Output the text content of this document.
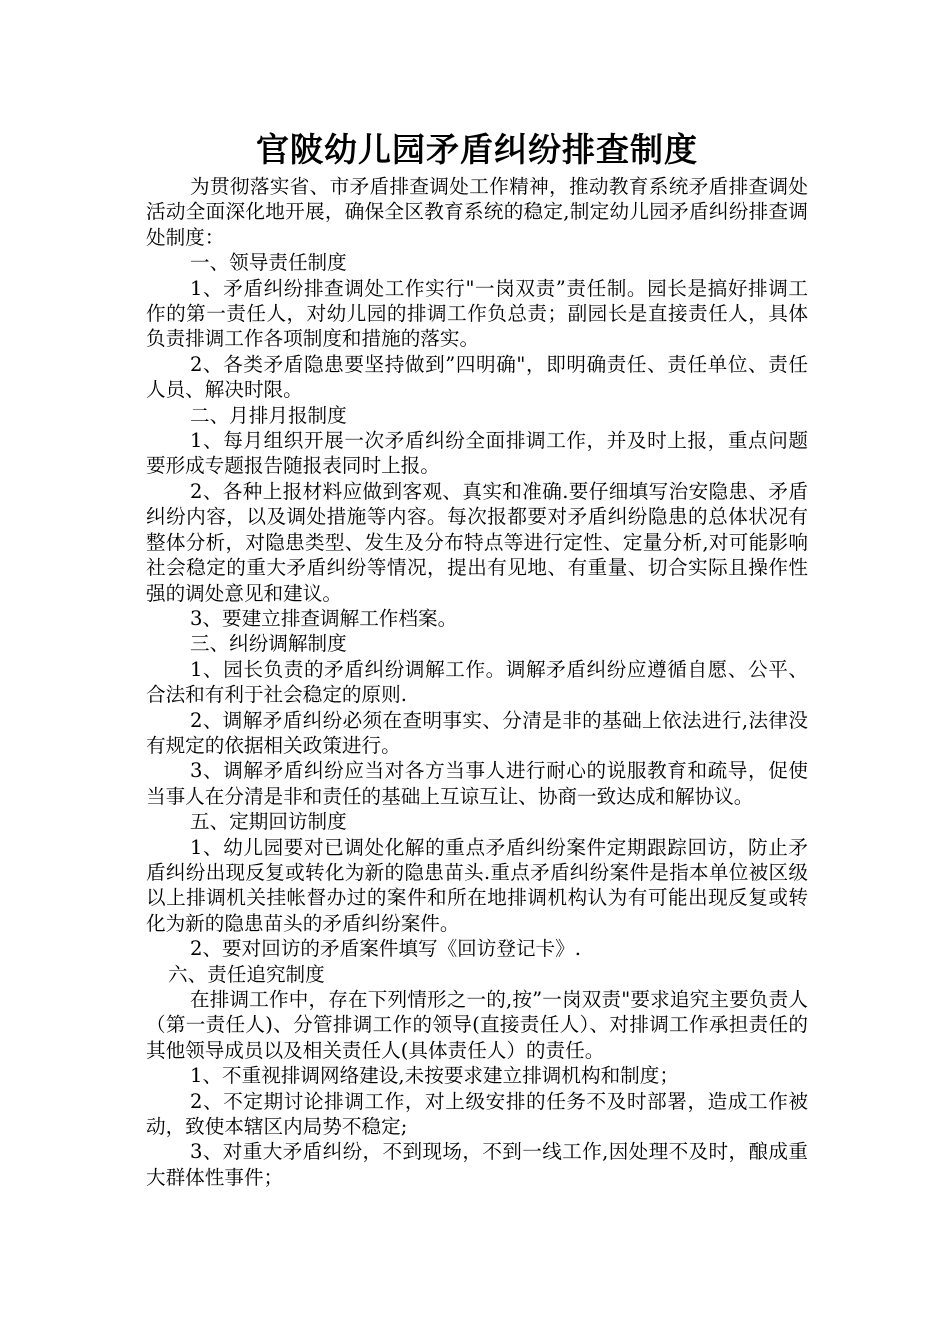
官陂幼儿园矛盾纠纷排查制度

为贯彻落实省、市矛盾排查调处工作精神，推动教育系统矛盾排查调处活动全面深化地开展，确保全区教育系统的稳定,制定幼儿园矛盾纠纷排查调处制度：

一、领导责任制度

1、矛盾纠纷排查调处工作实行"一岗双责”责任制。园长是搞好排调工作的第一责任人，对幼儿园的排调工作负总责；副园长是直接责任人，具体负责排调工作各项制度和措施的落实。

2、各类矛盾隐患要坚持做到”四明确"，即明确责任、责任单位、责任人员、解决时限。

二、月排月报制度

1、每月组织开展一次矛盾纠纷全面排调工作，并及时上报，重点问题要形成专题报告随报表同时上报。

2、各种上报材料应做到客观、真实和准确.要仔细填写治安隐患、矛盾纠纷内容，以及调处措施等内容。每次报都要对矛盾纠纷隐患的总体状况有整体分析，对隐患类型、发生及分布特点等进行定性、定量分析,对可能影响社会稳定的重大矛盾纠纷等情况，提出有见地、有重量、切合实际且操作性强的调处意见和建议。

3、要建立排查调解工作档案。

三、纠纷调解制度

1、园长负责的矛盾纠纷调解工作。调解矛盾纠纷应遵循自愿、公平、合法和有利于社会稳定的原则.

2、调解矛盾纠纷必须在查明事实、分清是非的基础上依法进行,法律没有规定的依据相关政策进行。

3、调解矛盾纠纷应当对各方当事人进行耐心的说服教育和疏导，促使当事人在分清是非和责任的基础上互谅互让、协商一致达成和解协议。

五、定期回访制度

1、幼儿园要对已调处化解的重点矛盾纠纷案件定期跟踪回访，防止矛盾纠纷出现反复或转化为新的隐患苗头.重点矛盾纠纷案件是指本单位被区级以上排调机关挂帐督办过的案件和所在地排调机构认为有可能出现反复或转化为新的隐患苗头的矛盾纠纷案件。

2、要对回访的矛盾案件填写《回访登记卡》.

六、责任追究制度

在排调工作中，存在下列情形之一的,按”一岗双责"要求追究主要负责人（第一责任人)、分管排调工作的领导(直接责任人）、对排调工作承担责任的其他领导成员以及相关责任人(具体责任人）的责任。

1、不重视排调网络建设,未按要求建立排调机构和制度；

2、不定期讨论排调工作，对上级安排的任务不及时部署，造成工作被动，致使本辖区内局势不稳定;

3、对重大矛盾纠纷，不到现场，不到一线工作,因处理不及时，酿成重大群体性事件；
